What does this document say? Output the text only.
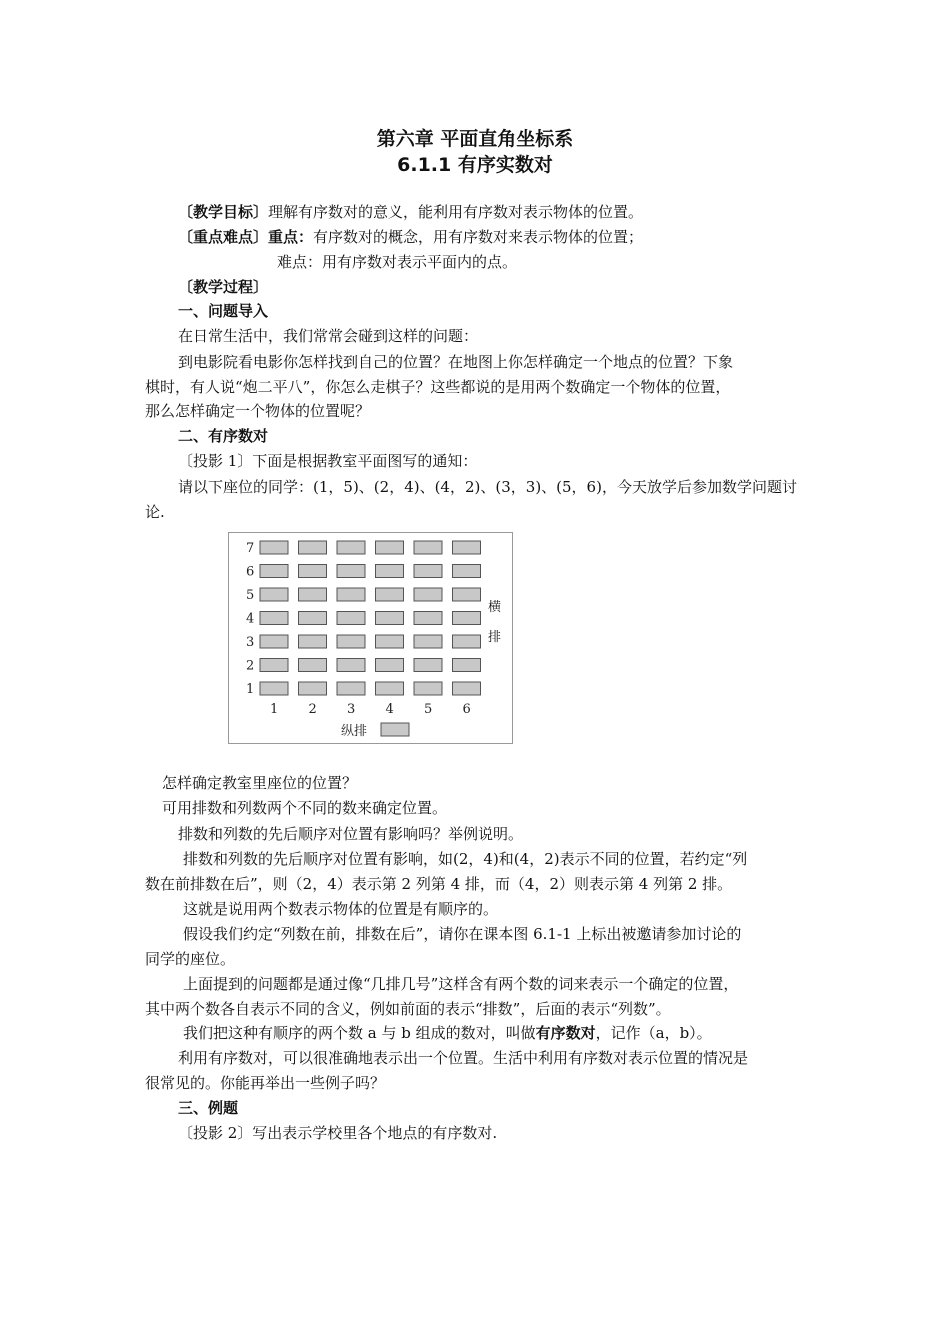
第六章 平面直角坐标系
6.1.1 有序实数对
〔教学目标〕理解有序数对的意义，能利用有序数对表示物体的位置。
〔重点难点〕重点：有序数对的概念，用有序数对来表示物体的位置；
难点：用有序数对表示平面内的点。
〔教学过程〕
一、问题导入
在日常生活中，我们常常会碰到这样的问题：
到电影院看电影你怎样找到自己的位置？在地图上你怎样确定一个地点的位置？下象
棋时，有人说“炮二平八”，你怎么走棋子？这些都说的是用两个数确定一个物体的位置，
那么怎样确定一个物体的位置呢？
二、有序数对
〔投影 1〕下面是根据教室平面图写的通知：
请以下座位的同学：(1，5)、(2，4)、(4，2)、(3，3)、(5，6)，今天放学后参加数学问题讨
论.
7
6
5
4
3
2
1
1 2 3 4 5 6
横
排
纵排
怎样确定教室里座位的位置？
可用排数和列数两个不同的数来确定位置。
排数和列数的先后顺序对位置有影响吗？举例说明。
排数和列数的先后顺序对位置有影响，如(2，4)和(4，2)表示不同的位置，若约定“列
数在前排数在后”，则（2，4）表示第 2 列第 4 排，而（4，2）则表示第 4 列第 2 排。
这就是说用两个数表示物体的位置是有顺序的。
假设我们约定“列数在前，排数在后”，请你在课本图 6.1-1 上标出被邀请参加讨论的
同学的座位。
上面提到的问题都是通过像“几排几号”这样含有两个数的词来表示一个确定的位置，
其中两个数各自表示不同的含义，例如前面的表示“排数”，后面的表示“列数”。
我们把这种有顺序的两个数 a 与 b 组成的数对，叫做有序数对，记作（a，b）。
利用有序数对，可以很准确地表示出一个位置。生活中利用有序数对表示位置的情况是
很常见的。你能再举出一些例子吗？
三、例题
〔投影 2〕写出表示学校里各个地点的有序数对.
